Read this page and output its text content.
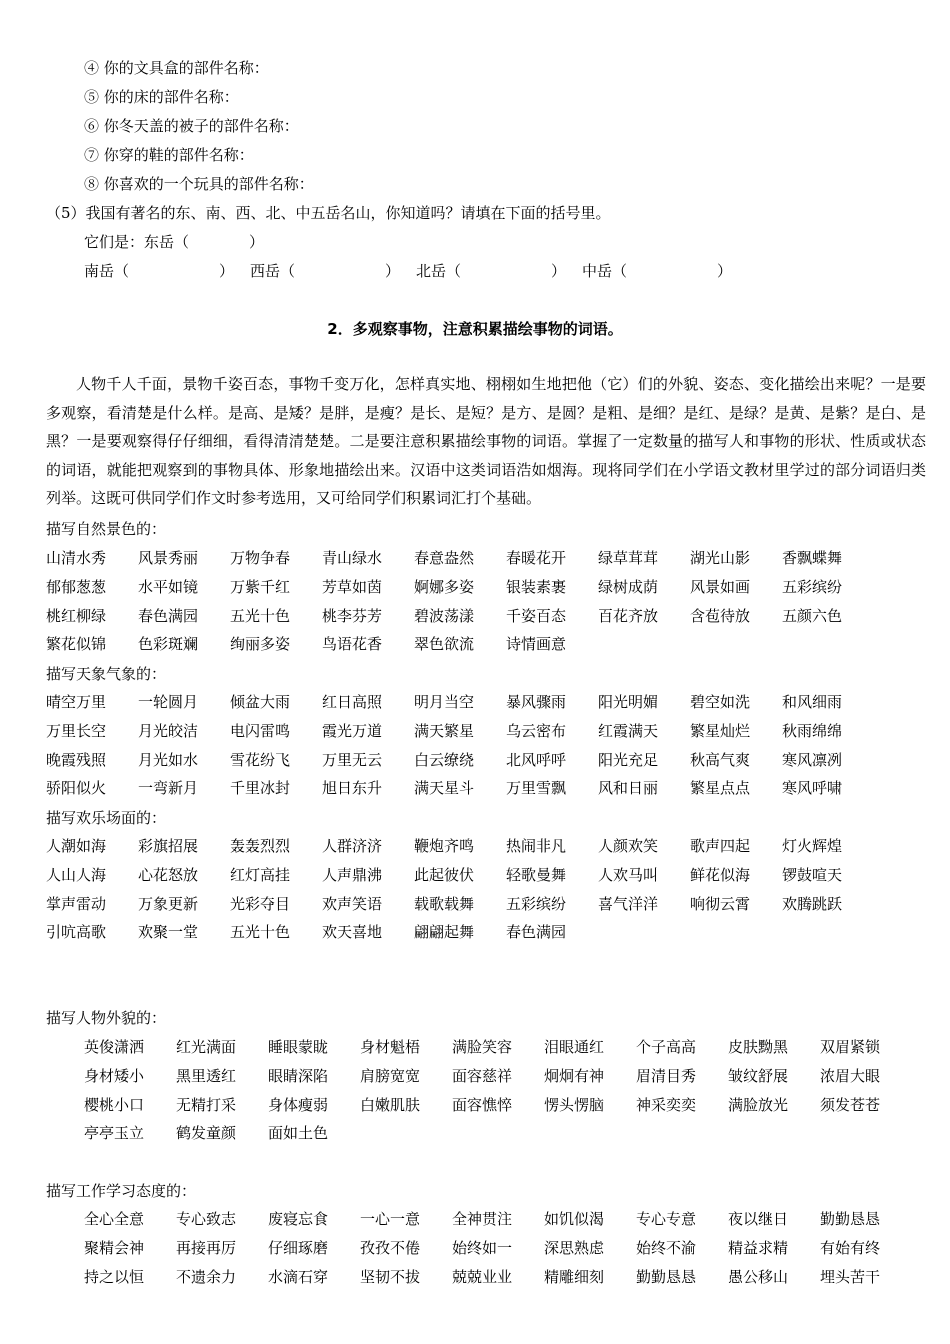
④ 你的文具盒的部件名称：
⑤ 你的床的部件名称：
⑥ 你冬天盖的被子的部件名称：
⑦ 你穿的鞋的部件名称：
⑧ 你喜欢的一个玩具的部件名称：
（5）我国有著名的东、南、西、北、中五岳名山，你知道吗？请填在下面的括号里。
它们是：东岳（　　　　）
南岳（　　　　　　） 西岳（　　　　　　） 北岳（　　　　　　） 中岳（　　　　　　）
2．多观察事物，注意积累描绘事物的词语。
人物千人千面，景物千姿百态，事物千变万化，怎样真实地、栩栩如生地把他（它）们的外貌、姿态、变化描绘出来呢？一是要多观察，看清楚是什么样。是高、是矮？是胖，是瘦？是长、是短？是方、是圆？是粗、是细？是红、是绿？是黄、是紫？是白、是黑？一是要观察得仔仔细细，看得清清楚楚。二是要注意积累描绘事物的词语。掌握了一定数量的描写人和事物的形状、性质或状态的词语，就能把观察到的事物具体、形象地描绘出来。汉语中这类词语浩如烟海。现将同学们在小学语文教材里学过的部分词语归类列举。这既可供同学们作文时参考选用，又可给同学们积累词汇打个基础。
描写自然景色的：
山清水秀 风景秀丽 万物争春 青山绿水 春意盎然 春暖花开 绿草茸茸 湖光山影 香飘蝶舞
郁郁葱葱 水平如镜 万紫千红 芳草如茵 婀娜多姿 银装素裹 绿树成荫 风景如画 五彩缤纷
桃红柳绿 春色满园 五光十色 桃李芬芳 碧波荡漾 千姿百态 百花齐放 含苞待放 五颜六色
繁花似锦 色彩斑斓 绚丽多姿 鸟语花香 翠色欲流 诗情画意
描写天象气象的：
晴空万里 一轮圆月 倾盆大雨 红日高照 明月当空 暴风骤雨 阳光明媚 碧空如洗 和风细雨
万里长空 月光皎洁 电闪雷鸣 霞光万道 满天繁星 乌云密布 红霞满天 繁星灿烂 秋雨绵绵
晚霞残照 月光如水 雪花纷飞 万里无云 白云缭绕 北风呼呼 阳光充足 秋高气爽 寒风凛冽
骄阳似火 一弯新月 千里冰封 旭日东升 满天星斗 万里雪飘 风和日丽 繁星点点 寒风呼啸
描写欢乐场面的：
人潮如海 彩旗招展 轰轰烈烈 人群济济 鞭炮齐鸣 热闹非凡 人颜欢笑 歌声四起 灯火辉煌
人山人海 心花怒放 红灯高挂 人声鼎沸 此起彼伏 轻歌曼舞 人欢马叫 鲜花似海 锣鼓喧天
掌声雷动 万象更新 光彩夺目 欢声笑语 载歌载舞 五彩缤纷 喜气洋洋 响彻云霄 欢腾跳跃
引吭高歌 欢聚一堂 五光十色 欢天喜地 翩翩起舞 春色满园
描写人物外貌的：
英俊潇洒 红光满面 睡眼蒙眬 身材魁梧 满脸笑容 泪眼通红 个子高高 皮肤黝黑 双眉紧锁
身材矮小 黑里透红 眼睛深陷 肩膀宽宽 面容慈祥 炯炯有神 眉清目秀 皱纹舒展 浓眉大眼
樱桃小口 无精打采 身体瘦弱 白嫩肌肤 面容憔悴 愣头愣脑 神采奕奕 满脸放光 须发苍苍
亭亭玉立 鹤发童颜 面如土色
描写工作学习态度的：
全心全意 专心致志 废寝忘食 一心一意 全神贯注 如饥似渴 专心专意 夜以继日 勤勤恳恳
聚精会神 再接再厉 仔细琢磨 孜孜不倦 始终如一 深思熟虑 始终不渝 精益求精 有始有终
持之以恒 不遗余力 水滴石穿 坚韧不拔 兢兢业业 精雕细刻 勤勤恳恳 愚公移山 埋头苦干
